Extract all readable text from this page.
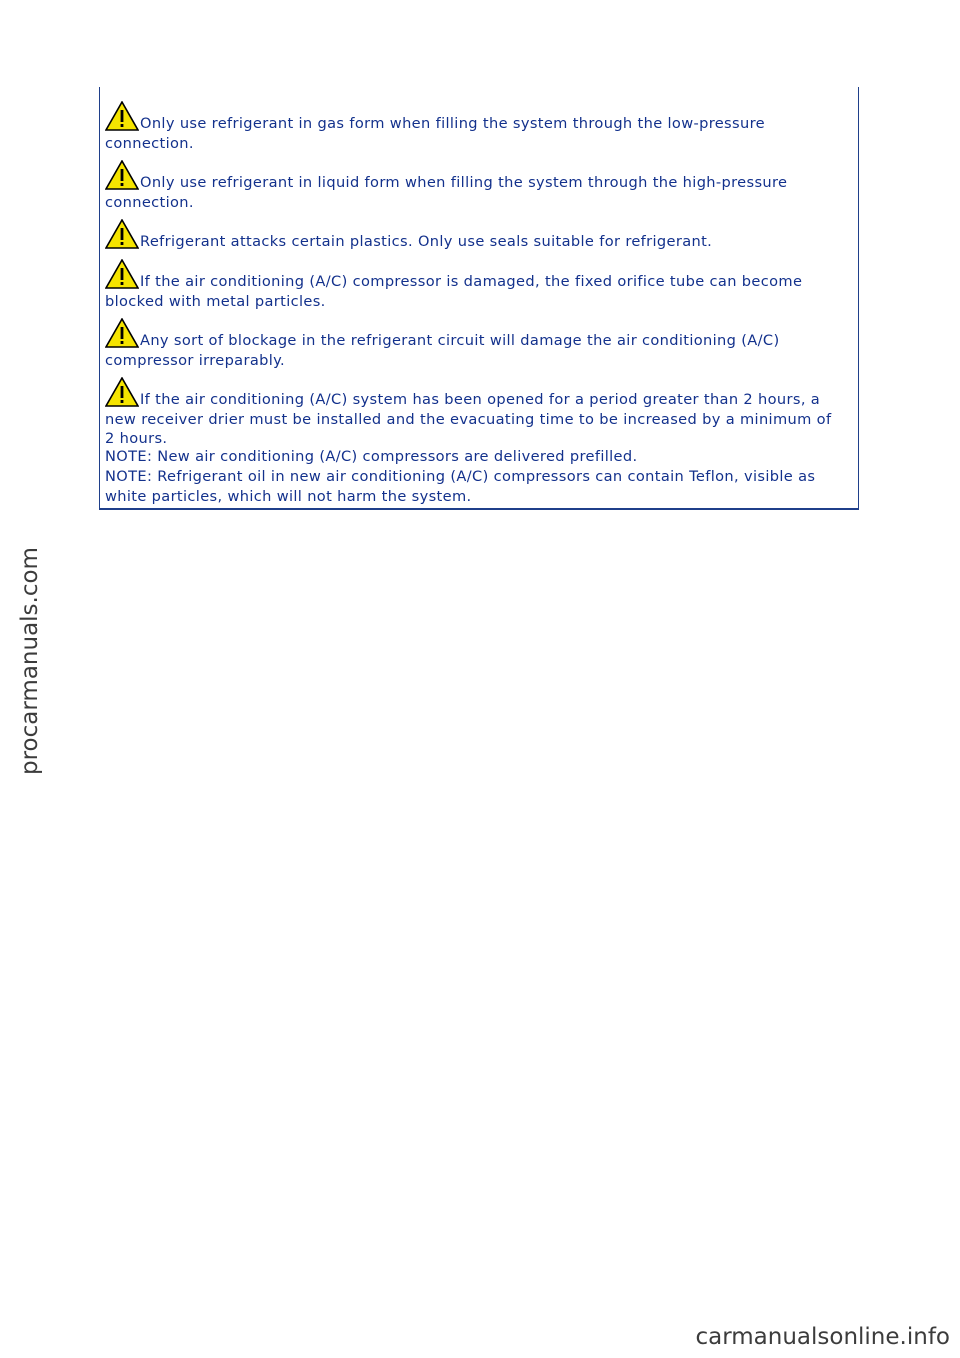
Only use refrigerant in gas form when filling the system through the low-pressure connection.

Only use refrigerant in liquid form when filling the system through the high-pressure connection.

Refrigerant attacks certain plastics. Only use seals suitable for refrigerant.

If the air conditioning (A/C) compressor is damaged, the fixed orifice tube can become blocked with metal particles.

Any sort of blockage in the refrigerant circuit will damage the air conditioning (A/C) compressor irreparably.

If the air conditioning (A/C) system has been opened for a period greater than 2 hours, a new receiver drier must be installed and the evacuating time to be increased by a minimum of 2 hours.

NOTE: New air conditioning (A/C) compressors are delivered prefilled.

NOTE: Refrigerant oil in new air conditioning (A/C) compressors can contain Teflon, visible as white particles, which will not harm the system.

procarmanuals.com
carmanualsonline.info
